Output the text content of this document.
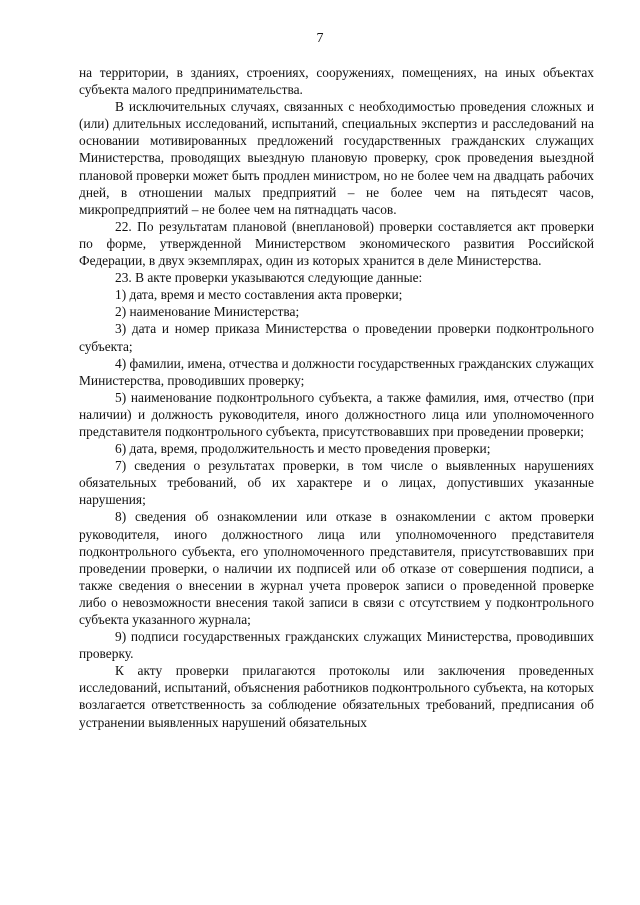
7

на территории, в зданиях, строениях, сооружениях, помещениях, на иных объектах субъекта малого предпринимательства.

В исключительных случаях, связанных с необходимостью проведения сложных и (или) длительных исследований, испытаний, специальных экспертиз и расследований на основании мотивированных предложений государственных гражданских служащих Министерства, проводящих выездную плановую проверку, срок проведения выездной плановой проверки может быть продлен министром, но не более чем на двадцать рабочих дней, в отношении малых предприятий – не более чем на пятьдесят часов, микропредприятий – не более чем на пятнадцать часов.

22. По результатам плановой (внеплановой) проверки составляется акт проверки по форме, утвержденной Министерством экономического развития Российской Федерации, в двух экземплярах, один из которых хранится в деле Министерства.

23. В акте проверки указываются следующие данные:

1) дата, время и место составления акта проверки;

2) наименование Министерства;

3) дата и номер приказа Министерства о проведении проверки подконтрольного субъекта;

4) фамилии, имена, отчества и должности государственных гражданских служащих Министерства, проводивших проверку;

5) наименование подконтрольного субъекта, а также фамилия, имя, отчество (при наличии) и должность руководителя, иного должностного лица или уполномоченного представителя подконтрольного субъекта, присутствовавших при проведении проверки;

6) дата, время, продолжительность и место проведения проверки;

7) сведения о результатах проверки, в том числе о выявленных нарушениях обязательных требований, об их характере и о лицах, допустивших указанные нарушения;

8) сведения об ознакомлении или отказе в ознакомлении с актом проверки руководителя, иного должностного лица или уполномоченного представителя подконтрольного субъекта, его уполномоченного представителя, присутствовавших при проведении проверки, о наличии их подписей или об отказе от совершения подписи, а также сведения о внесении в журнал учета проверок записи о проведенной проверке либо о невозможности внесения такой записи в связи с отсутствием у подконтрольного субъекта указанного журнала;

9) подписи государственных гражданских служащих Министерства, проводивших проверку.

К акту проверки прилагаются протоколы или заключения проведенных исследований, испытаний, объяснения работников подконтрольного субъекта, на которых возлагается ответственность за соблюдение обязательных требований, предписания об устранении выявленных нарушений обязательных
